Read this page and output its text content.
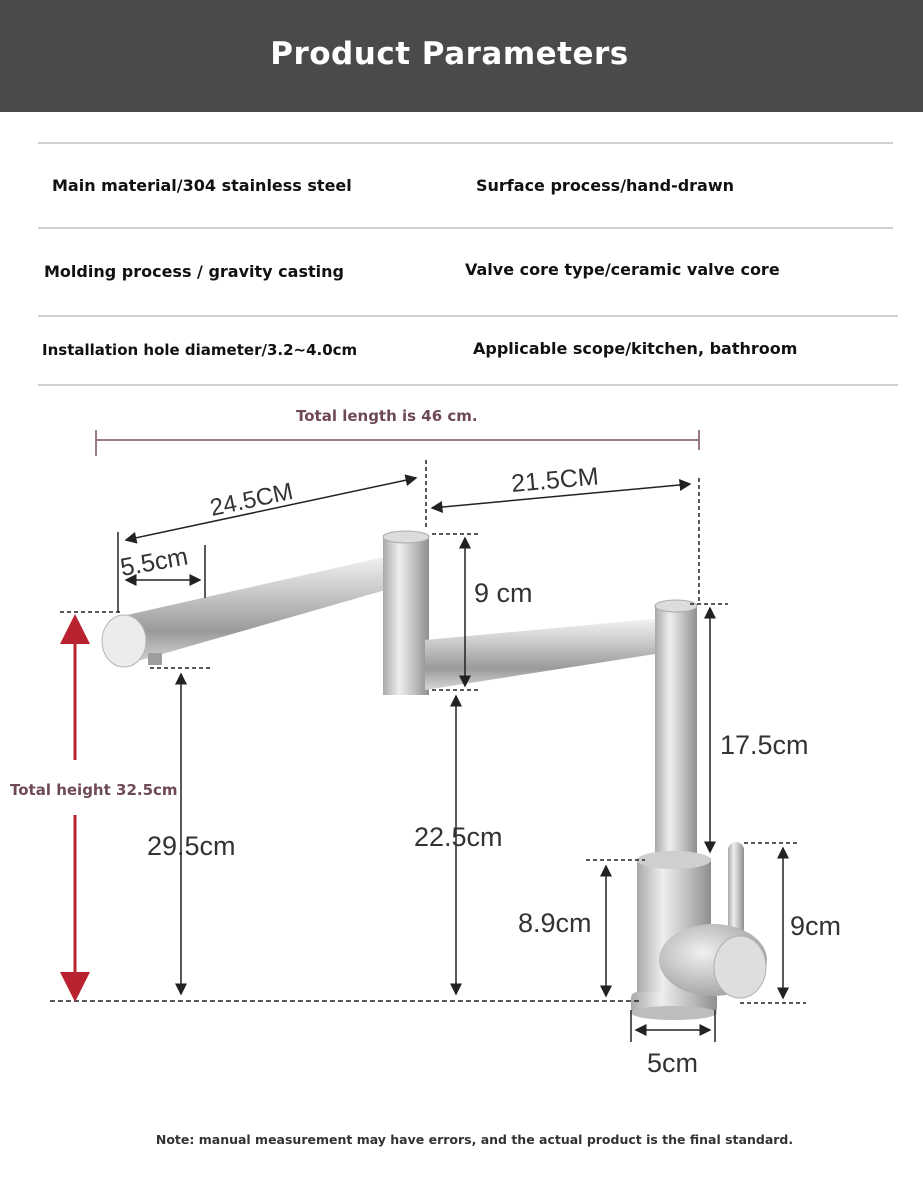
Product Parameters
Main material/304 stainless steel	Surface process/hand-drawn
Molding process / gravity casting	Valve core type/ceramic valve core
Installation hole diameter/3.2~4.0cm	Applicable scope/kitchen, bathroom
Total length is 46 cm.
Total height 32.5cm
24.5CM	21.5CM
5.5cm
9 cm
17.5cm
29.5cm	22.5cm
8.9cm	9cm
5cm
Note: manual measurement may have errors, and the actual product is the final standard.
